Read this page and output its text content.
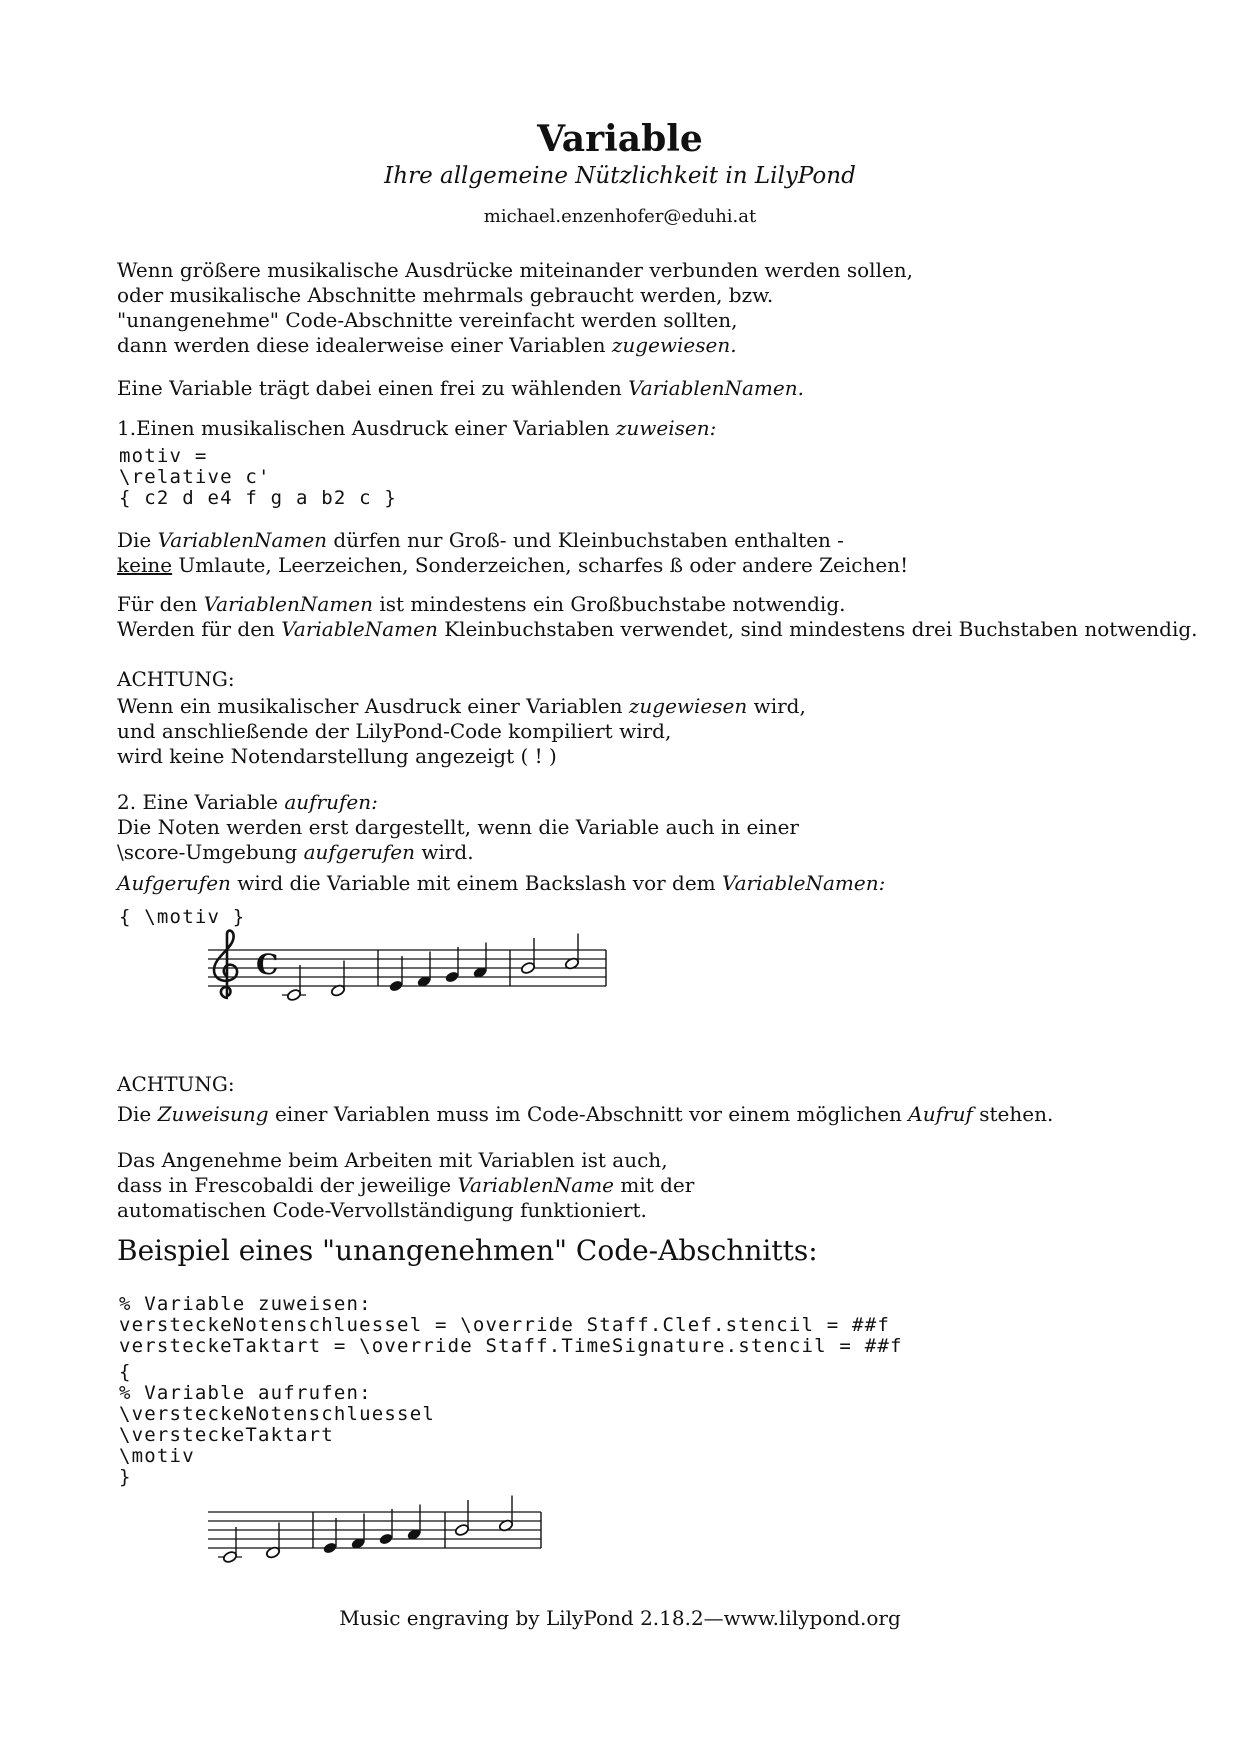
Variable
Ihre allgemeine Nützlichkeit in LilyPond
michael.enzenhofer@eduhi.at

Wenn größere musikalische Ausdrücke miteinander verbunden werden sollen,

oder musikalische Abschnitte mehrmals gebraucht werden, bzw.

"unangenehme" Code-Abschnitte vereinfacht werden sollten,

dann werden diese idealerweise einer Variablen zugewiesen.

Eine Variable trägt dabei einen frei zu wählenden VariablenNamen.

1.Einen musikalischen Ausdruck einer Variablen zuweisen:

motiv =
\relative c'
{ c2 d e4 f g a b2 c }

Die VariablenNamen dürfen nur Groß- und Kleinbuchstaben enthalten -

keine Umlaute, Leerzeichen, Sonderzeichen, scharfes ß oder andere Zeichen!

Für den VariablenNamen ist mindestens ein Großbuchstabe notwendig.

Werden für den VariableNamen Kleinbuchstaben verwendet, sind mindestens drei Buchstaben notwendig.

ACHTUNG:

Wenn ein musikalischer Ausdruck einer Variablen zugewiesen wird,

und anschließende der LilyPond-Code kompiliert wird,

wird keine Notendarstellung angezeigt ( ! )

2. Eine Variable aufrufen:

Die Noten werden erst dargestellt, wenn die Variable auch in einer

\score-Umgebung aufgerufen wird.

Aufgerufen wird die Variable mit einem Backslash vor dem VariableNamen:

{ \motiv }
C

ACHTUNG:

Die Zuweisung einer Variablen muss im Code-Abschnitt vor einem möglichen Aufruf stehen.

Das Angenehme beim Arbeiten mit Variablen ist auch,

dass in Frescobaldi der jeweilige VariablenName mit der

automatischen Code-Vervollständigung funktioniert.

Beispiel eines "unangenehmen" Code-Abschnitts:
% Variable zuweisen:
versteckeNotenschluessel = \override Staff.Clef.stencil = ##f
versteckeTaktart = \override Staff.TimeSignature.stencil = ##f
{
% Variable aufrufen:
\versteckeNotenschluessel
\versteckeTaktart
\motiv
}
Music engraving by LilyPond 2.18.2—www.lilypond.org
